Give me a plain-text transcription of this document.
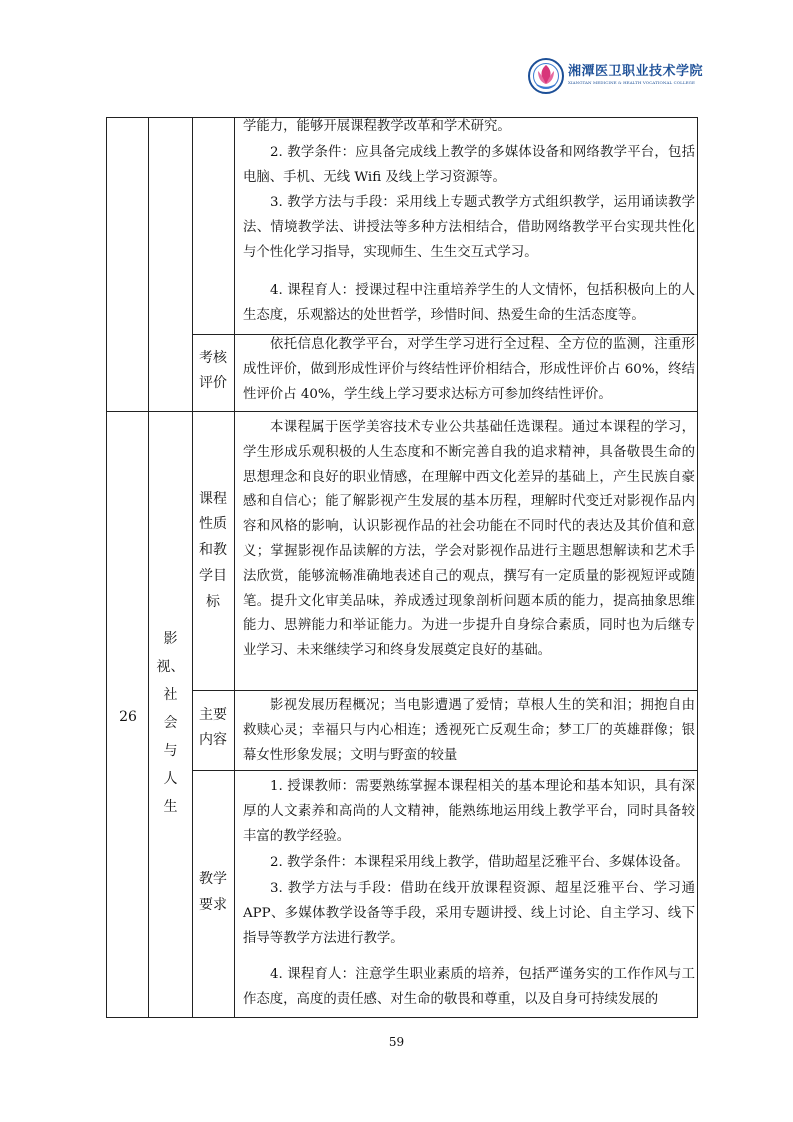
湘潭医卫职业技术学院
XIANGTAN MEDICINE & HEALTH VOCATIONAL COLLEGE
学能力，能够开展课程教学改革和学术研究。
2. 教学条件：应具备完成线上教学的多媒体设备和网络教学平台，包括电脑、手机、无线 Wifi 及线上学习资源等。
3. 教学方法与手段：采用线上专题式教学方式组织教学，运用诵读教学法、情境教学法、讲授法等多种方法相结合，借助网络教学平台实现共性化与个性化学习指导，实现师生、生生交互式学习。
4. 课程育人：授课过程中注重培养学生的人文情怀，包括积极向上的人生态度，乐观豁达的处世哲学，珍惜时间、热爱生命的生活态度等。
考核
评价
依托信息化教学平台，对学生学习进行全过程、全方位的监测，注重形成性评价，做到形成性评价与终结性评价相结合，形成性评价占 60%，终结性评价占 40%，学生线上学习要求达标方可参加终结性评价。
26
影
视、
社
会
与
人
生
课程
性质
和教
学目
标
本课程属于医学美容技术专业公共基础任选课程。通过本课程的学习，学生形成乐观积极的人生态度和不断完善自我的追求精神，具备敬畏生命的思想理念和良好的职业情感，在理解中西文化差异的基础上，产生民族自豪感和自信心；能了解影视产生发展的基本历程，理解时代变迁对影视作品内容和风格的影响，认识影视作品的社会功能在不同时代的表达及其价值和意义；掌握影视作品读解的方法，学会对影视作品进行主题思想解读和艺术手法欣赏，能够流畅准确地表述自己的观点，撰写有一定质量的影视短评或随笔。提升文化审美品味，养成透过现象剖析问题本质的能力，提高抽象思维能力、思辨能力和举证能力。为进一步提升自身综合素质，同时也为后继专业学习、未来继续学习和终身发展奠定良好的基础。
主要
内容
影视发展历程概况；当电影遭遇了爱情；草根人生的笑和泪；拥抱自由救赎心灵；幸福只与内心相连；透视死亡反观生命；梦工厂的英雄群像；银幕女性形象发展；文明与野蛮的较量
教学
要求
1. 授课教师：需要熟练掌握本课程相关的基本理论和基本知识，具有深厚的人文素养和高尚的人文精神，能熟练地运用线上教学平台，同时具备较丰富的教学经验。
2. 教学条件：本课程采用线上教学，借助超星泛雅平台、多媒体设备。
3. 教学方法与手段：借助在线开放课程资源、超星泛雅平台、学习通 APP、多媒体教学设备等手段，采用专题讲授、线上讨论、自主学习、线下指导等教学方法进行教学。
4. 课程育人：注意学生职业素质的培养，包括严谨务实的工作作风与工作态度，高度的责任感、对生命的敬畏和尊重，以及自身可持续发展的
59
